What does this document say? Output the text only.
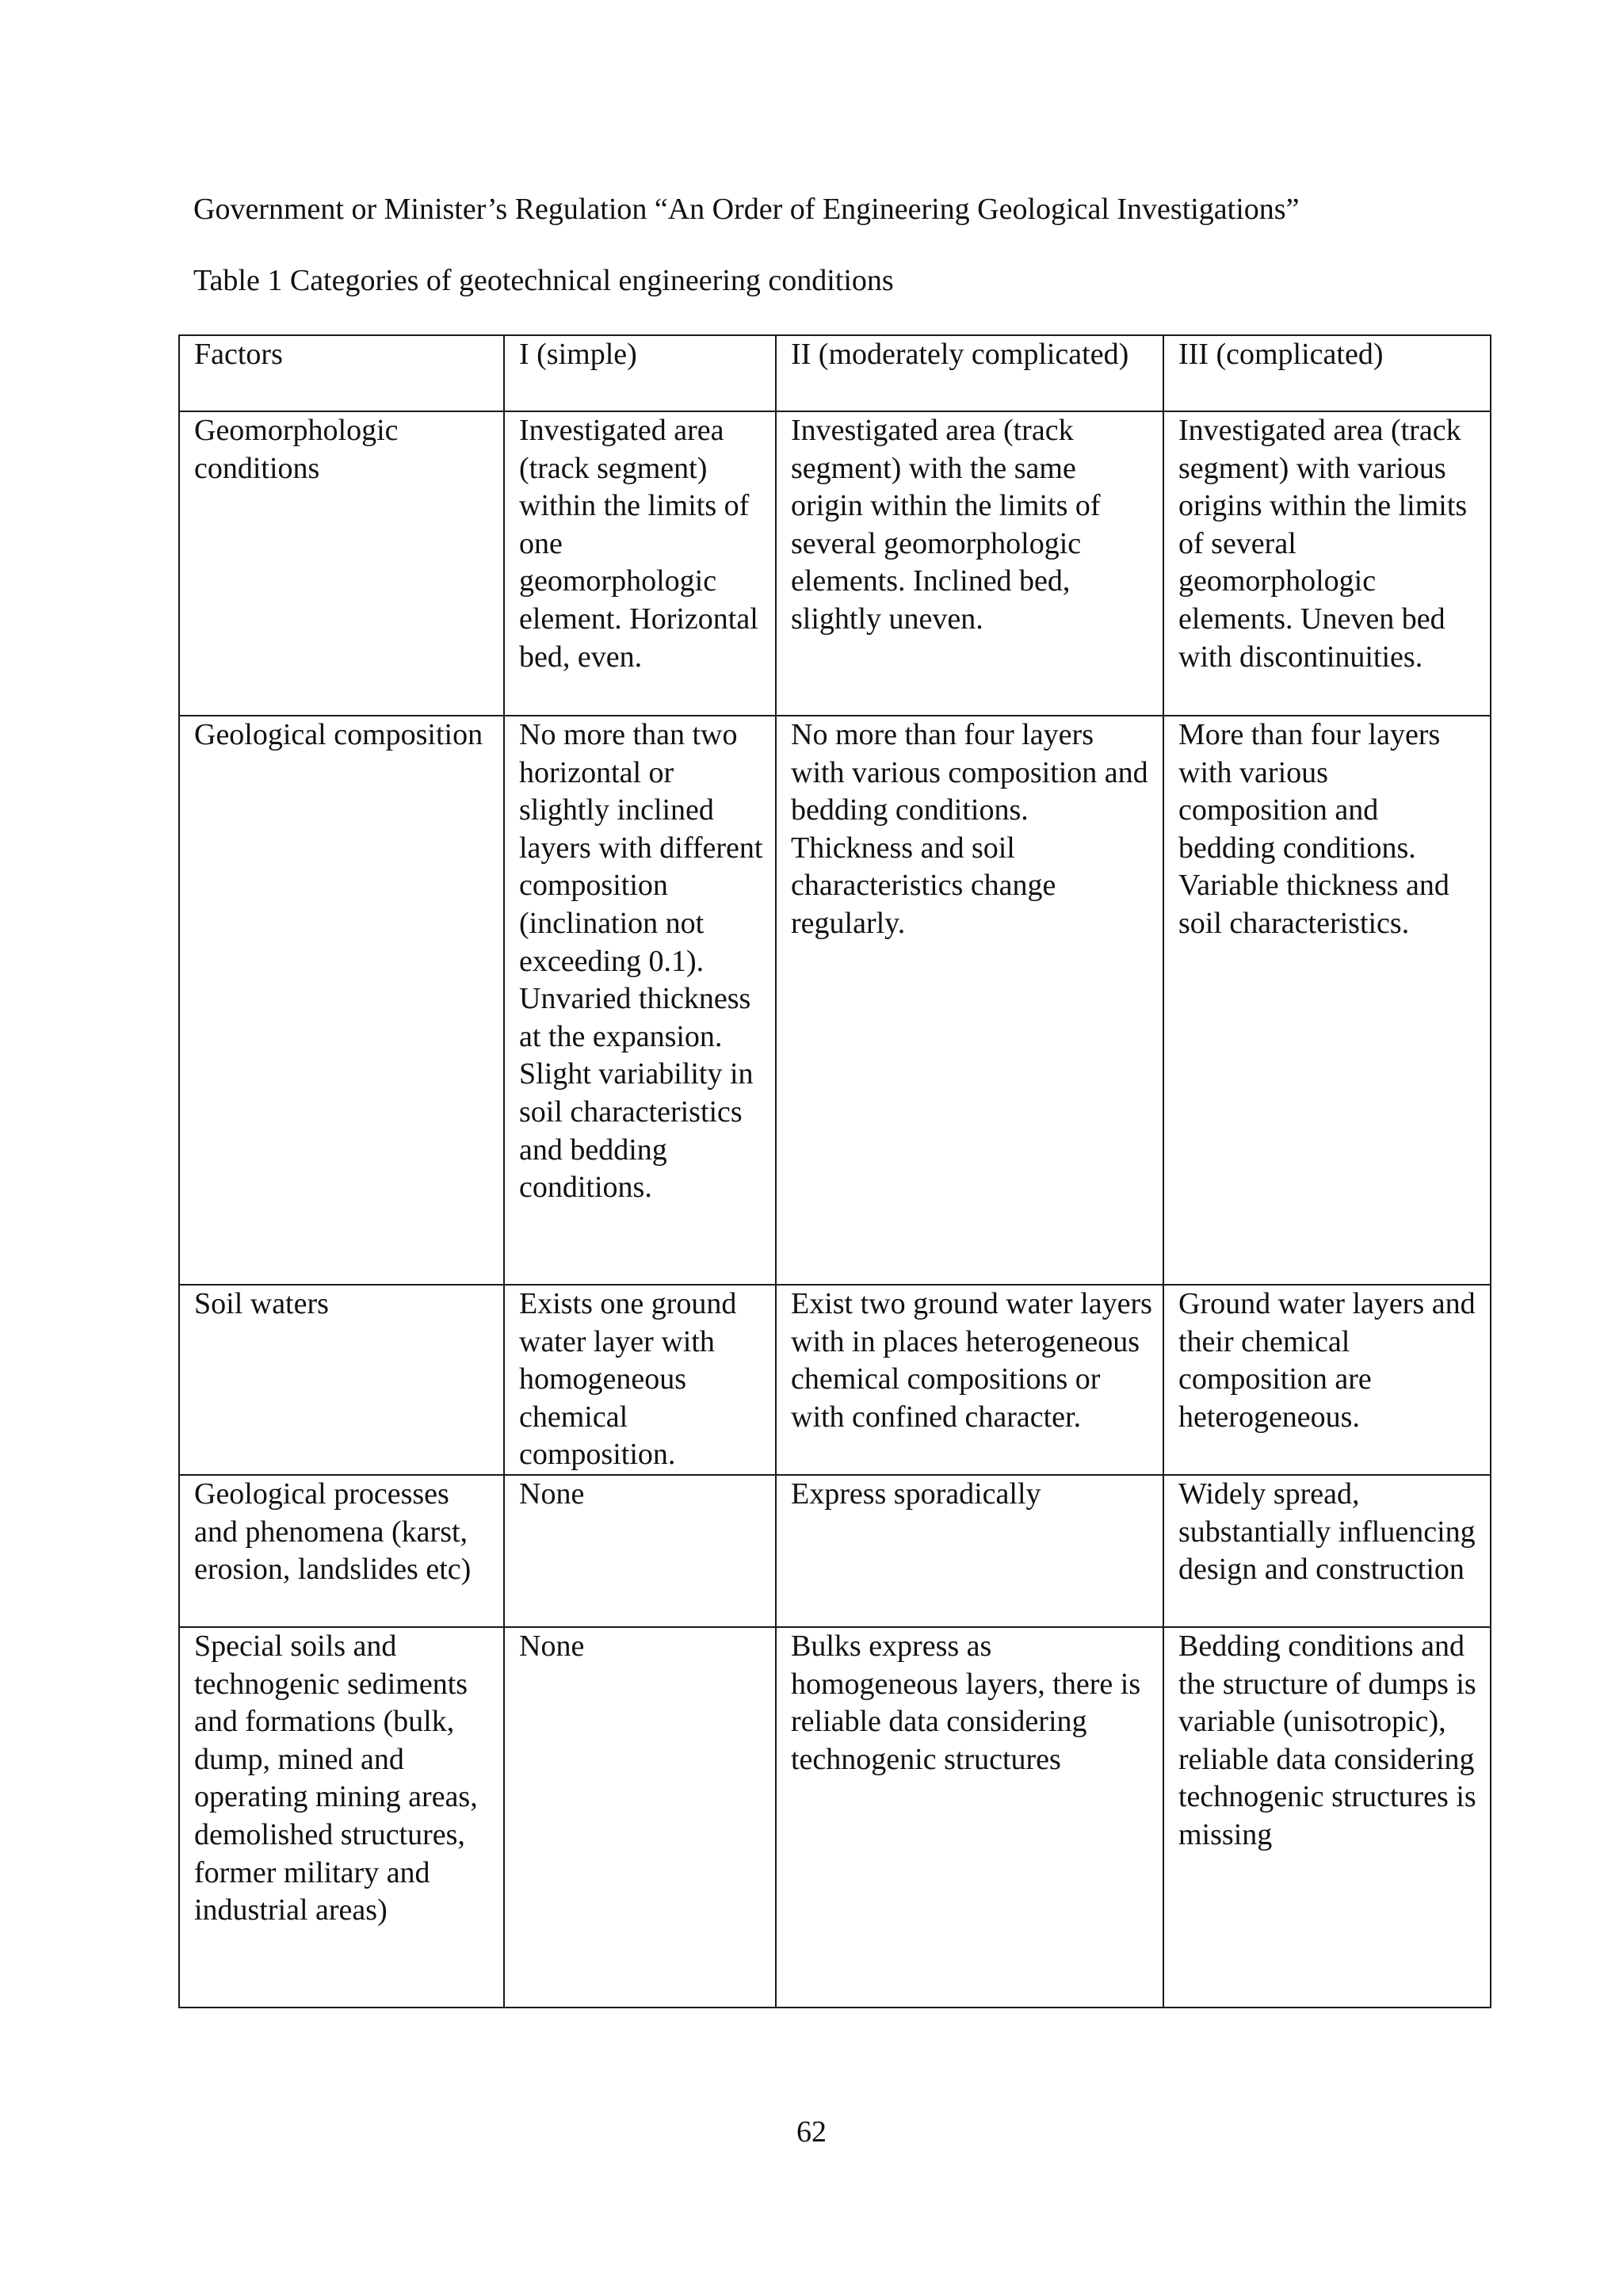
Government or Minister’s Regulation “An Order of Engineering Geological Investigations”
Table 1 Categories of geotechnical engineering conditions
Factors	I (simple)	II (moderately complicated)	III (complicated)
Geomorphologic conditions	Investigated area (track segment) within the limits of one geomorphologic element. Horizontal bed, even.	Investigated area (track segment) with the same origin within the limits of several geomorphologic elements. Inclined bed, slightly uneven.	Investigated area (track segment) with various origins within the limits of several geomorphologic elements. Uneven bed with discontinuities.
Geological composition	No more than two horizontal or slightly inclined layers with different composition (inclination not exceeding 0.1). Unvaried thickness at the expansion. Slight variability in soil characteristics and bedding conditions.	No more than four layers with various composition and bedding conditions. Thickness and soil characteristics change regularly.	More than four layers with various composition and bedding conditions. Variable thickness and soil characteristics.
Soil waters	Exists one ground water layer with homogeneous chemical composition.	Exist two ground water layers with in places heterogeneous chemical compositions or with confined character.	Ground water layers and their chemical composition are heterogeneous.
Geological processes and phenomena (karst, erosion, landslides etc)	None	Express sporadically	Widely spread, substantially influencing design and construction
Special soils and technogenic sediments and formations (bulk, dump, mined and operating mining areas, demolished structures, former military and industrial areas)	None	Bulks express as homogeneous layers, there is reliable data considering technogenic structures	Bedding conditions and the structure of dumps is variable (unisotropic), reliable data considering technogenic structures is missing
62
